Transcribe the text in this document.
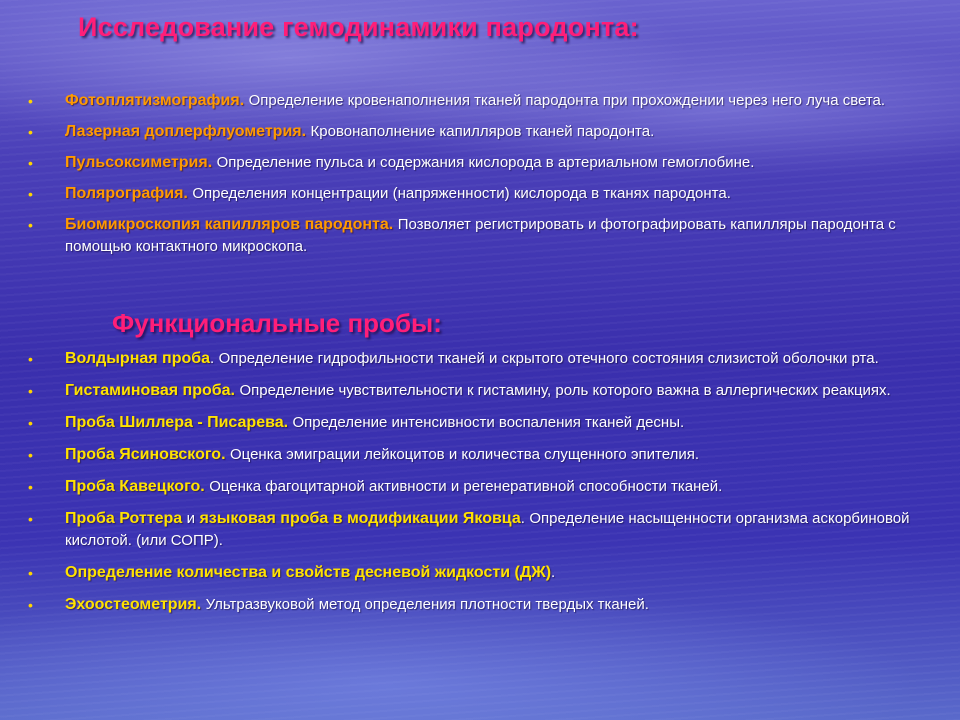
Исследование гемодинамики пародонта:
• Фотоплятизмография. Определение кровенаполнения тканей пародонта при прохождении через него луча света.
• Лазерная доплерфлуометрия. Кровонаполнение капилляров тканей пародонта.
• Пульсоксиметрия. Определение пульса и содержания кислорода в артериальном гемоглобине.
• Полярография. Определения концентрации (напряженности) кислорода в тканях пародонта.
• Биомикроскопия капилляров пародонта. Позволяет регистрировать и фотографировать капилляры пародонта с помощью контактного микроскопа.
Функциональные пробы:
• Волдырная проба. Определение гидрофильности тканей и скрытого отечного состояния слизистой оболочки рта.
• Гистаминовая проба. Определение чувствительности к гистамину, роль которого важна в аллергических реакциях.
• Проба Шиллера - Писарева. Определение интенсивности воспаления тканей десны.
• Проба Ясиновского. Оценка эмиграции лейкоцитов и количества слущенного эпителия.
• Проба Кавецкого. Оценка фагоцитарной активности и регенеративной способности тканей.
• Проба Роттера и языковая проба в модификации Яковца. Определение насыщенности организма аскорбиновой кислотой. (или СОПР).
• Определение количества и свойств десневой жидкости (ДЖ).
• Эхоостеометрия. Ультразвуковой метод определения плотности твердых тканей.
